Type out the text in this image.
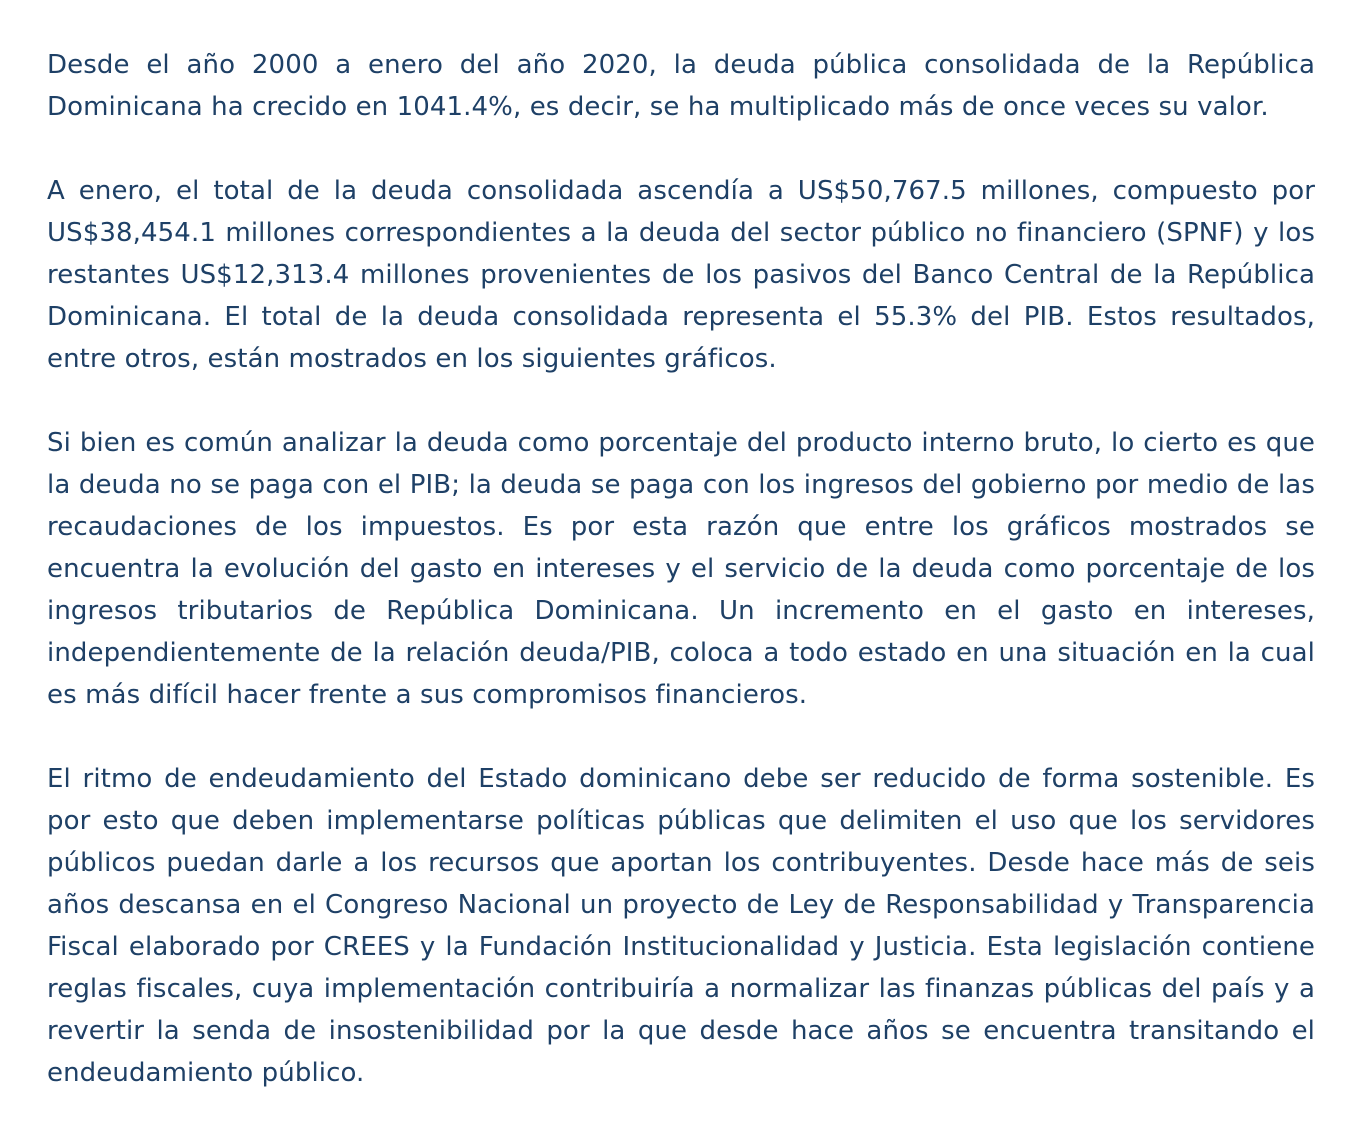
Desde el año 2000 a enero del año 2020, la deuda pública consolidada de la República Dominicana ha crecido en 1041.4%, es decir, se ha multiplicado más de once veces su valor.

A enero, el total de la deuda consolidada ascendía a US$50,767.5 millones, compuesto por US$38,454.1 millones correspondientes a la deuda del sector público no financiero (SPNF) y los restantes US$12,313.4 millones provenientes de los pasivos del Banco Central de la República Dominicana. El total de la deuda consolidada representa el 55.3% del PIB. Estos resultados, entre otros, están mostrados en los siguientes gráficos.

Si bien es común analizar la deuda como porcentaje del producto interno bruto, lo cierto es que la deuda no se paga con el PIB; la deuda se paga con los ingresos del gobierno por medio de las recaudaciones de los impuestos. Es por esta razón que entre los gráficos mostrados se encuentra la evolución del gasto en intereses y el servicio de la deuda como porcentaje de los ingresos tributarios de República Dominicana. Un incremento en el gasto en intereses, independientemente de la relación deuda/PIB, coloca a todo estado en una situación en la cual es más difícil hacer frente a sus compromisos financieros.

El ritmo de endeudamiento del Estado dominicano debe ser reducido de forma sostenible. Es por esto que deben implementarse políticas públicas que delimiten el uso que los servidores públicos puedan darle a los recursos que aportan los contribuyentes. Desde hace más de seis años descansa en el Congreso Nacional un proyecto de Ley de Responsabilidad y Transparencia Fiscal elaborado por CREES y la Fundación Institucionalidad y Justicia. Esta legislación contiene reglas fiscales, cuya implementación contribuiría a normalizar las finanzas públicas del país y a revertir la senda de insostenibilidad por la que desde hace años se encuentra transitando el endeudamiento público.
